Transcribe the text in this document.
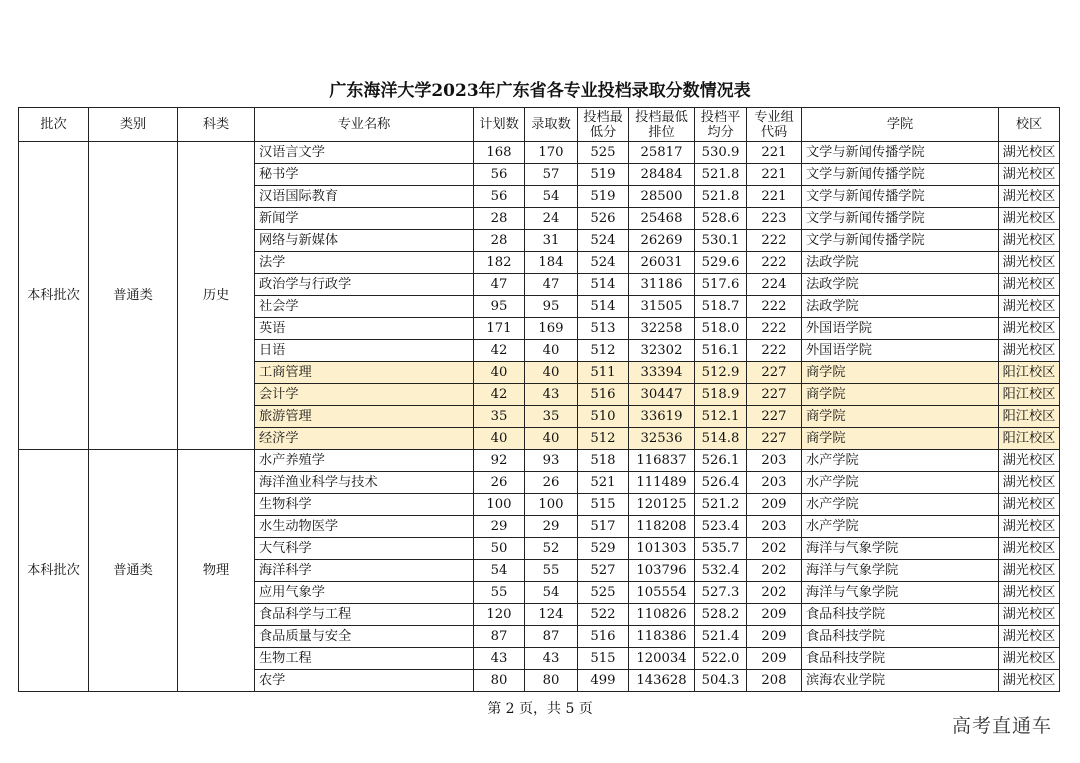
广东海洋大学2023年广东省各专业投档录取分数情况表
批次	类别	科类	专业名称	计划数	录取数	投档最低分	投档最低排位	投档平均分	专业组代码	学院	校区
本科批次	普通类	历史	汉语言文学	168	170	525	25817	530.9	221	文学与新闻传播学院	湖光校区
			秘书学	56	57	519	28484	521.8	221	文学与新闻传播学院	湖光校区
			汉语国际教育	56	54	519	28500	521.8	221	文学与新闻传播学院	湖光校区
			新闻学	28	24	526	25468	528.6	223	文学与新闻传播学院	湖光校区
			网络与新媒体	28	31	524	26269	530.1	222	文学与新闻传播学院	湖光校区
			法学	182	184	524	26031	529.6	222	法政学院	湖光校区
			政治学与行政学	47	47	514	31186	517.6	224	法政学院	湖光校区
			社会学	95	95	514	31505	518.7	222	法政学院	湖光校区
			英语	171	169	513	32258	518.0	222	外国语学院	湖光校区
			日语	42	40	512	32302	516.1	222	外国语学院	湖光校区
			工商管理	40	40	511	33394	512.9	227	商学院	阳江校区
			会计学	42	43	516	30447	518.9	227	商学院	阳江校区
			旅游管理	35	35	510	33619	512.1	227	商学院	阳江校区
			经济学	40	40	512	32536	514.8	227	商学院	阳江校区
本科批次	普通类	物理	水产养殖学	92	93	518	116837	526.1	203	水产学院	湖光校区
			海洋渔业科学与技术	26	26	521	111489	526.4	203	水产学院	湖光校区
			生物科学	100	100	515	120125	521.2	209	水产学院	湖光校区
			水生动物医学	29	29	517	118208	523.4	203	水产学院	湖光校区
			大气科学	50	52	529	101303	535.7	202	海洋与气象学院	湖光校区
			海洋科学	54	55	527	103796	532.4	202	海洋与气象学院	湖光校区
			应用气象学	55	54	525	105554	527.3	202	海洋与气象学院	湖光校区
			食品科学与工程	120	124	522	110826	528.2	209	食品科技学院	湖光校区
			食品质量与安全	87	87	516	118386	521.4	209	食品科技学院	湖光校区
			生物工程	43	43	515	120034	522.0	209	食品科技学院	湖光校区
			农学	80	80	499	143628	504.3	208	滨海农业学院	湖光校区
第 2 页，共 5 页
高考直通车
